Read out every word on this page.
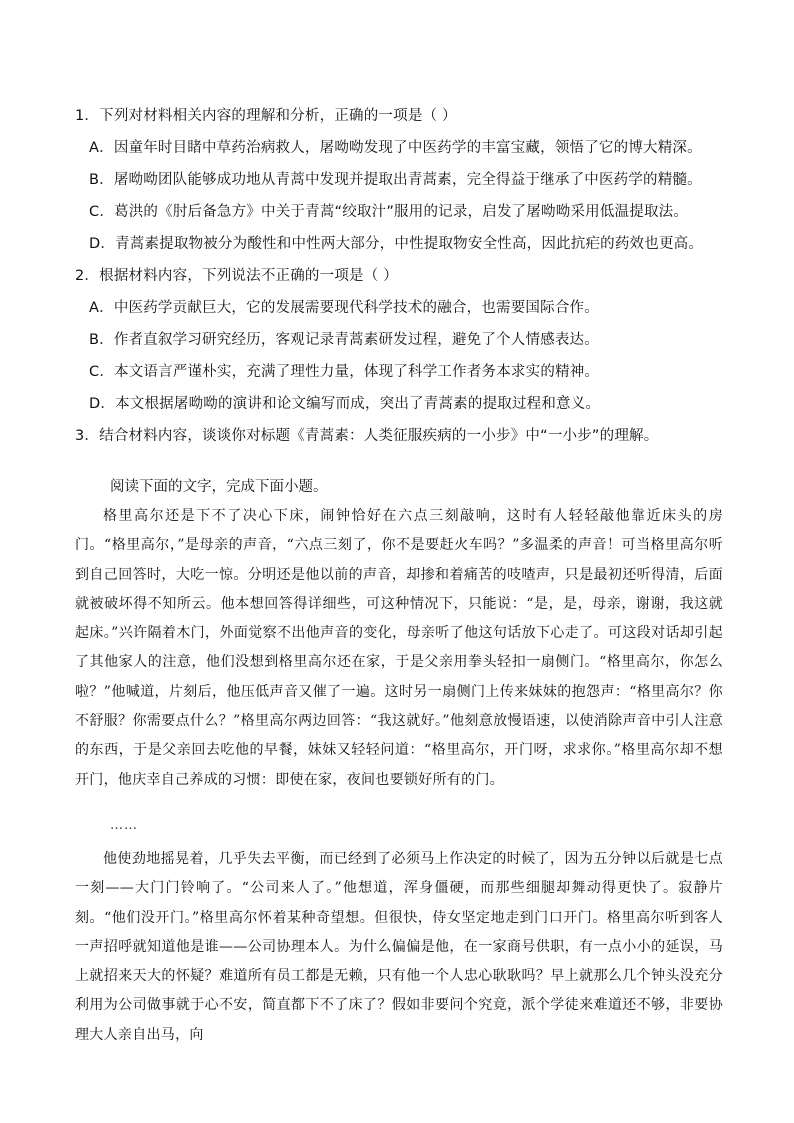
1．下列对材料相关内容的理解和分析，正确的一项是（ ）
A．因童年时目睹中草药治病救人，屠呦呦发现了中医药学的丰富宝藏，领悟了它的博大精深。
B．屠呦呦团队能够成功地从青蒿中发现并提取出青蒿素，完全得益于继承了中医药学的精髓。
C．葛洪的《肘后备急方》中关于青蒿“绞取汁”服用的记录，启发了屠呦呦采用低温提取法。
D．青蒿素提取物被分为酸性和中性两大部分，中性提取物安全性高，因此抗疟的药效也更高。
2．根据材料内容，下列说法不正确的一项是（ ）
A．中医药学贡献巨大，它的发展需要现代科学技术的融合，也需要国际合作。
B．作者直叙学习研究经历，客观记录青蒿素研发过程，避免了个人情感表达。
C．本文语言严谨朴实，充满了理性力量，体现了科学工作者务本求实的精神。
D．本文根据屠呦呦的演讲和论文编写而成，突出了青蒿素的提取过程和意义。
3．结合材料内容，谈谈你对标题《青蒿素：人类征服疾病的一小步》中“一小步”的理解。
阅读下面的文字，完成下面小题。

格里高尔还是下不了决心下床，闹钟恰好在六点三刻敲响，这时有人轻轻敲他靠近床头的房门。“格里高尔，”是母亲的声音，“六点三刻了，你不是要赶火车吗？”多温柔的声音！可当格里高尔听到自己回答时，大吃一惊。分明还是他以前的声音，却掺和着痛苦的吱喳声，只是最初还听得清，后面就被破坏得不知所云。他本想回答得详细些，可这种情况下，只能说：“是，是，母亲，谢谢，我这就起床。”兴许隔着木门，外面觉察不出他声音的变化，母亲听了他这句话放下心走了。可这段对话却引起了其他家人的注意，他们没想到格里高尔还在家，于是父亲用拳头轻扣一扇侧门。“格里高尔，你怎么啦？”他喊道，片刻后，他压低声音又催了一遍。这时另一扇侧门上传来妹妹的抱怨声：“格里高尔？你不舒服？你需要点什么？”格里高尔两边回答：“我这就好。”他刻意放慢语速，以使消除声音中引人注意的东西，于是父亲回去吃他的早餐，妹妹又轻轻问道：“格里高尔，开门呀，求求你。”格里高尔却不想开门，他庆幸自己养成的习惯：即使在家，夜间也要锁好所有的门。

……

他使劲地摇晃着，几乎失去平衡，而已经到了必须马上作决定的时候了，因为五分钟以后就是七点一刻——大门门铃响了。“公司来人了。”他想道，浑身僵硬，而那些细腿却舞动得更快了。寂静片刻。“他们没开门。”格里高尔怀着某种奇望想。但很快，侍女坚定地走到门口开门。格里高尔听到客人一声招呼就知道他是谁——公司协理本人。为什么偏偏是他，在一家商号供职，有一点小小的延误，马上就招来天大的怀疑？难道所有员工都是无赖，只有他一个人忠心耿耿吗？早上就那么几个钟头没充分利用为公司做事就于心不安，简直都下不了床了？假如非要问个究竟，派个学徒来难道还不够，非要协理大人亲自出马，向
